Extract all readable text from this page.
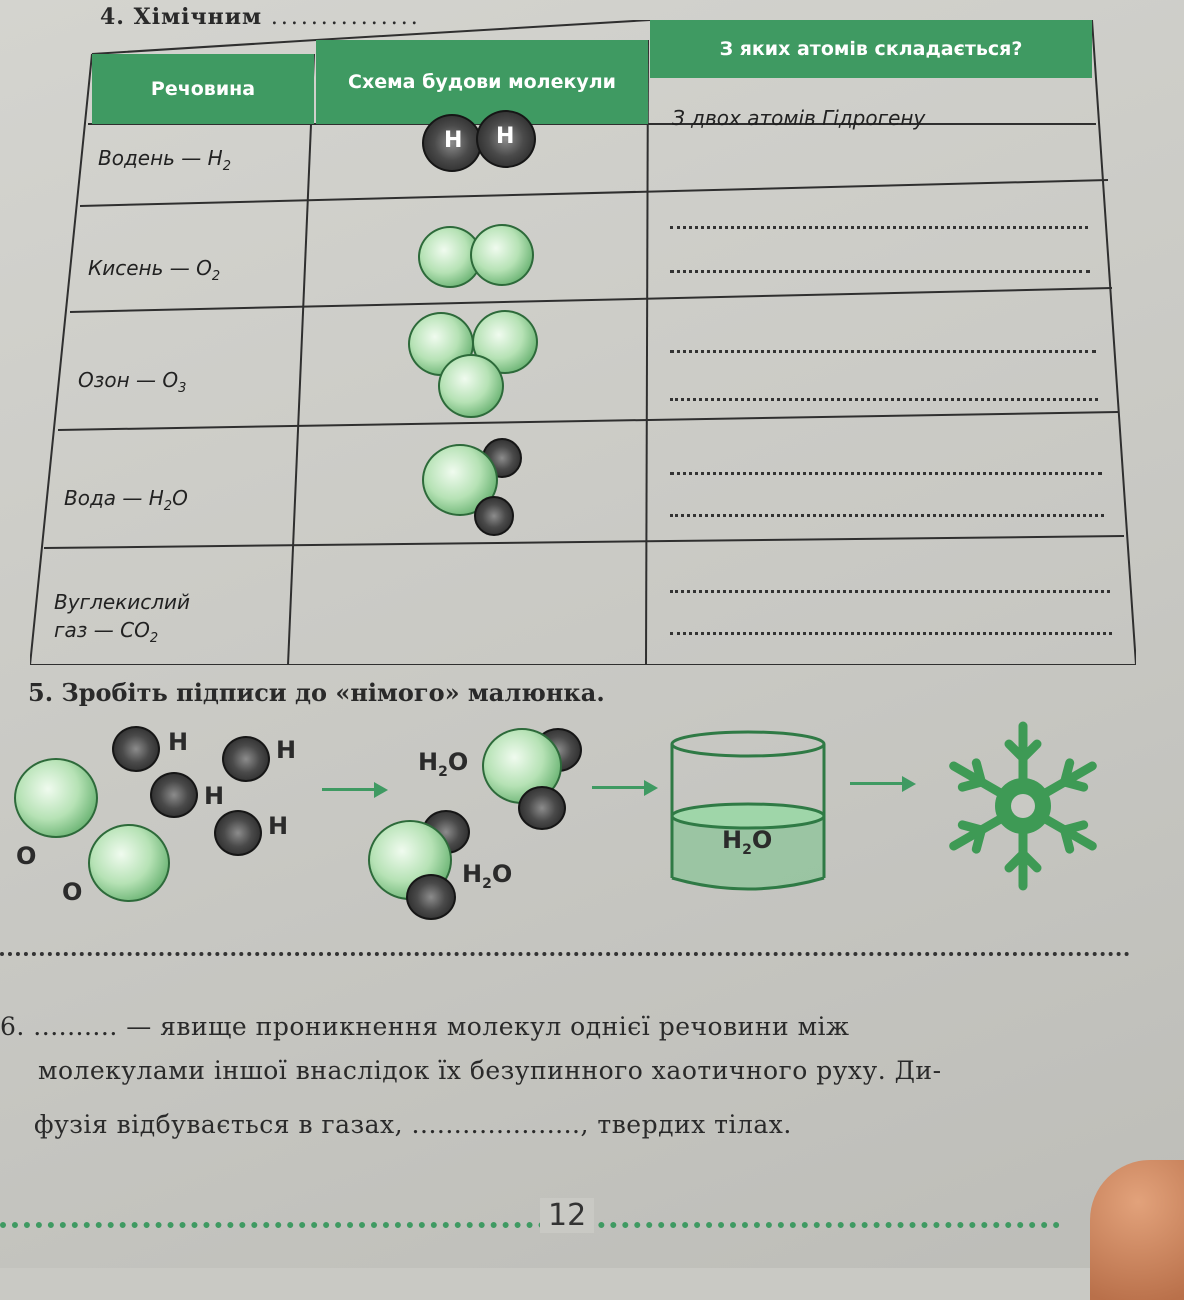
4. Хімічним ...............
Речовина	Схема будови молекули
З яких атомів складається?
Водень — $H_2$
H H
З двох атомів Гідрогену
Кисень — $O_2$
Озон — $O_3$
Вода — $H_2O$
Вуглекислий
газ — $CO_2$
5. Зробіть підписи до «німого» малюнка.
H	H
H
H
O
O
$H_2O$
$H_2O$
$H_2O$
6. .......... — явище проникнення молекул однієї речовини між
молекулами іншої внаслідок їх безупинного хаотичного руху. Ди-
фузія відбувається в газах, ...................., твердих тілах.
12
